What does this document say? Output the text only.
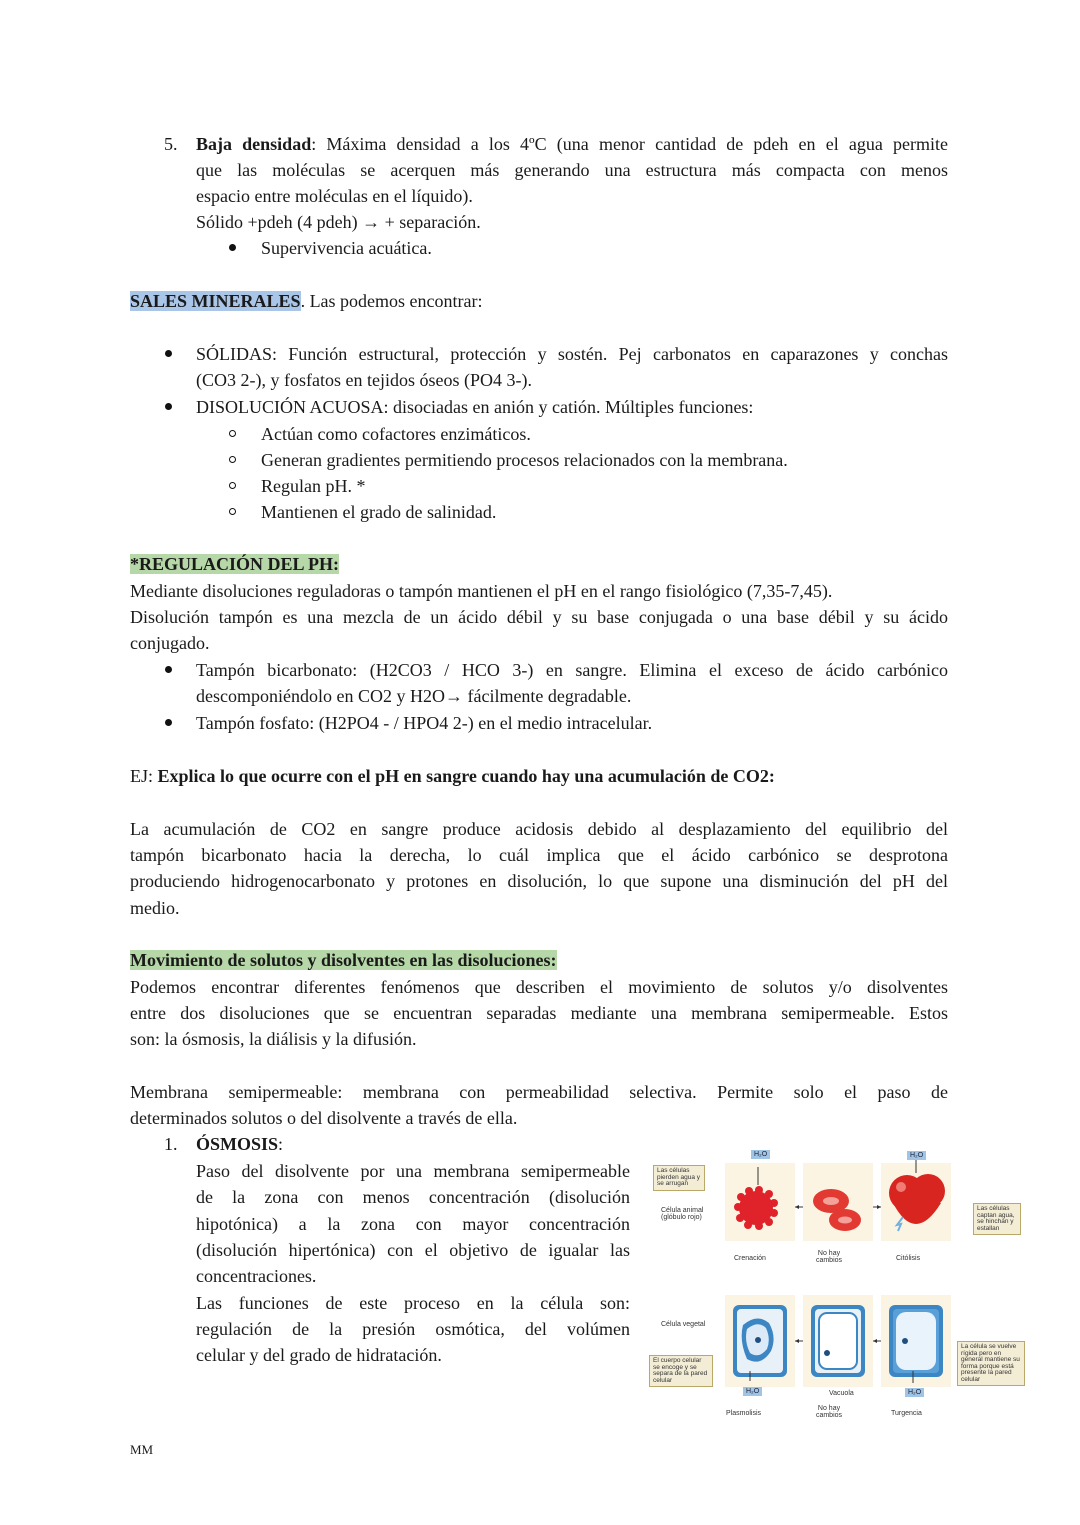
5. Baja densidad: Máxima densidad a los 4ºC (una menor cantidad de pdeh en el agua permite
que las moléculas se acerquen más generando una estructura más compacta con menos
espacio entre moléculas en el líquido).
Sólido +pdeh (4 pdeh) → + separación.
Supervivencia acuática.
SALES MINERALES. Las podemos encontrar:
SÓLIDAS: Función estructural, protección y sostén. Pej carbonatos en caparazones y conchas
(CO3 2-), y fosfatos en tejidos óseos (PO4 3-).
DISOLUCIÓN ACUOSA: disociadas en anión y catión. Múltiples funciones:
Actúan como cofactores enzimáticos.
Generan gradientes permitiendo procesos relacionados con la membrana.
Regulan pH. *
Mantienen el grado de salinidad.
*REGULACIÓN DEL PH:
Mediante disoluciones reguladoras o tampón mantienen el pH en el rango fisiológico (7,35-7,45).
Disolución tampón es una mezcla de un ácido débil y su base conjugada o una base débil y su ácido
conjugado.
Tampón bicarbonato: (H2CO3 / HCO 3-) en sangre. Elimina el exceso de ácido carbónico
descomponiéndolo en CO2 y H2O→ fácilmente degradable.
Tampón fosfato: (H2PO4 - / HPO4 2-) en el medio intracelular.
EJ: Explica lo que ocurre con el pH en sangre cuando hay una acumulación de CO2:
La acumulación de CO2 en sangre produce acidosis debido al desplazamiento del equilibrio del
tampón bicarbonato hacia la derecha, lo cuál implica que el ácido carbónico se desprotona
produciendo hidrogenocarbonato y protones en disolución, lo que supone una disminución del pH del
medio.
Movimiento de solutos y disolventes en las disoluciones:
Podemos encontrar diferentes fenómenos que describen el movimiento de solutos y/o disolventes
entre dos disoluciones que se encuentran separadas mediante una membrana semipermeable. Estos
son: la ósmosis, la diálisis y la difusión.
Membrana semipermeable: membrana con permeabilidad selectiva. Permite solo el paso de
determinados solutos o del disolvente a través de ella.
1. ÓSMOSIS:
Paso del disolvente por una membrana semipermeable
de la zona con menos concentración (disolución
hipotónica) a la zona con mayor concentración
(disolución hipertónica) con el objetivo de igualar las
concentraciones.
Las funciones de este proceso en la célula son:
regulación de la presión osmótica, del volúmen
celular y del grado de hidratación.
H₂O	H₂O
H₂O	H₂O
Las células pierden agua y se arrugan
Célula animal (glóbulo rojo)
Las células captan agua, se hinchan y estallan
Célula vegetal
El cuerpo celular se encoge y se separa de la pared celular
La célula se vuelve rígida pero en general mantiene su forma porque está presente la pared celular
Crenación
No hay cambios	Citólisis
Plasmolisis
Vacuola
No hay cambios	Turgencia
MM
